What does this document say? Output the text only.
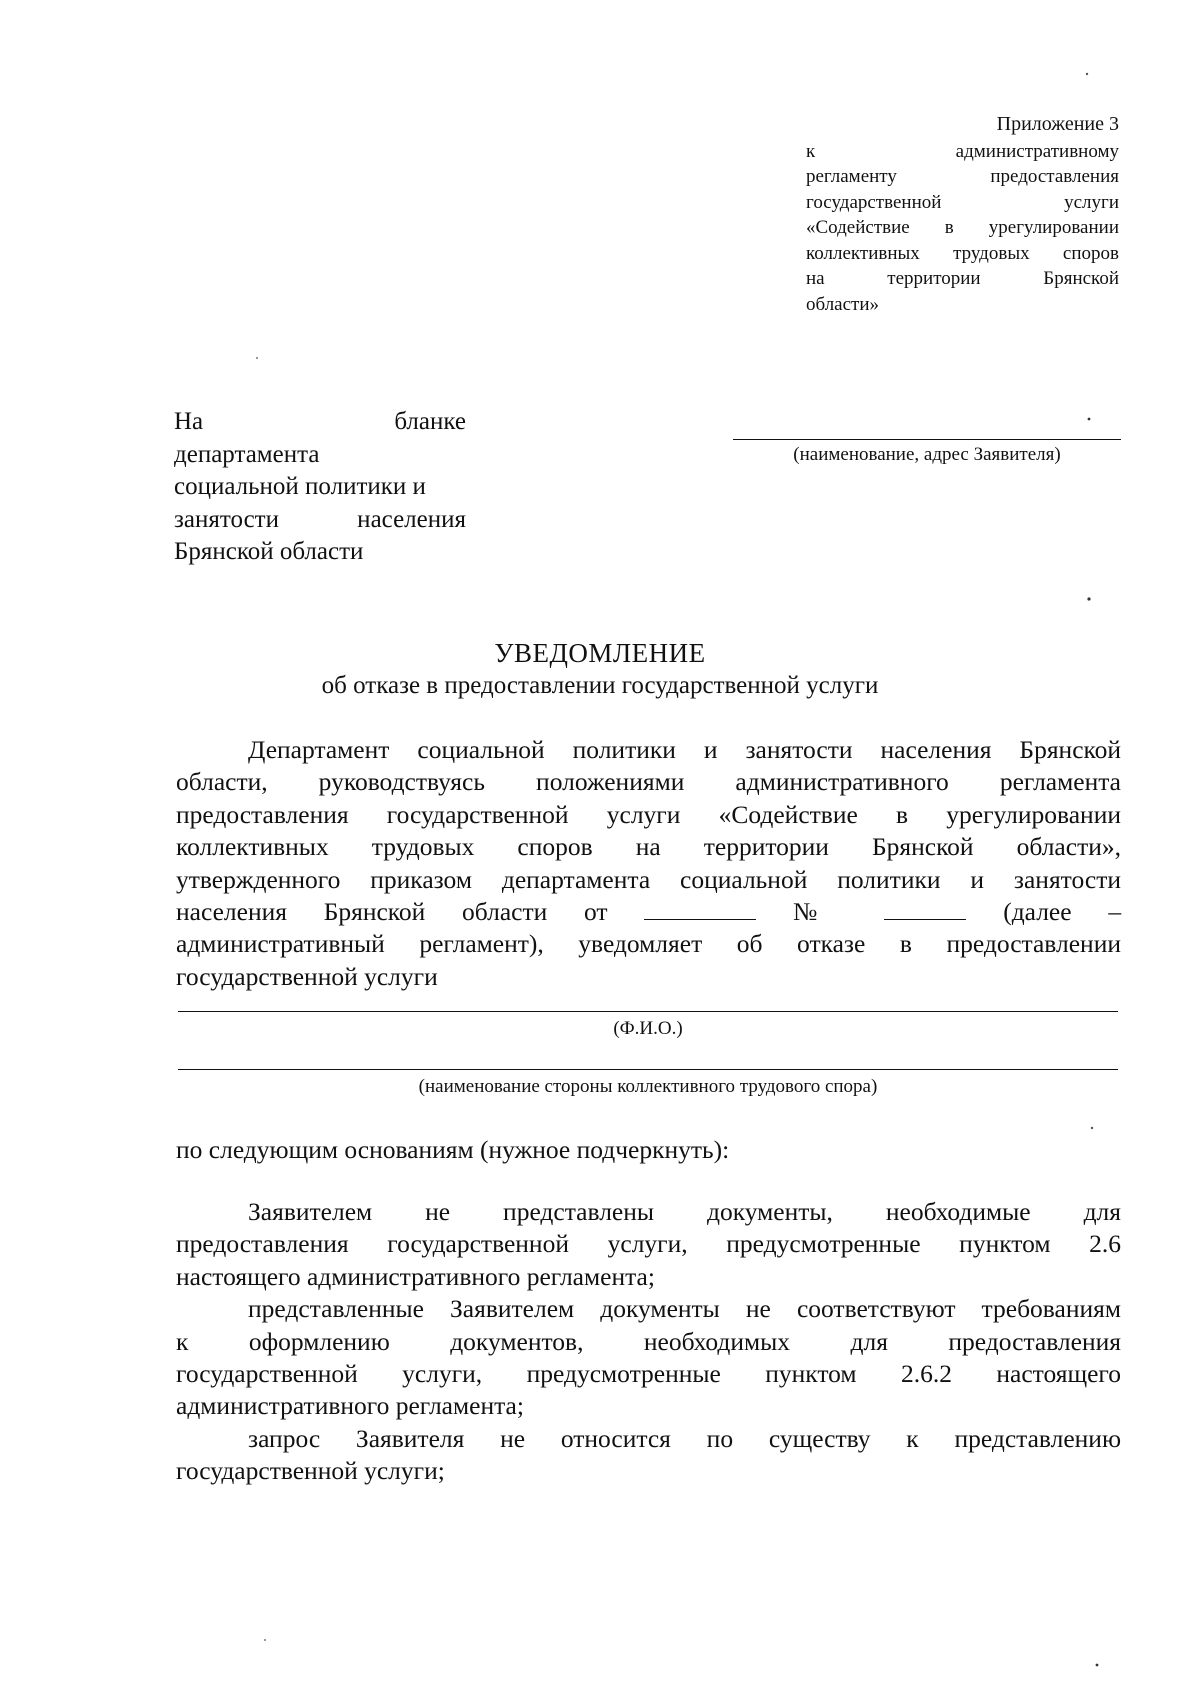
Приложение 3
к административному
регламенту предоставления
государственной услуги
«Содействие в урегулировании
коллективных трудовых споров
на территории Брянской
области»
На бланке
департамента
социальной политики и
занятости населения
Брянской области
(наименование, адрес Заявителя)
УВЕДОМЛЕНИЕ
об отказе в предоставлении государственной услуги
Департамент социальной политики и занятости населения Брянской
области, руководствуясь положениями административного регламента
предоставления государственной услуги «Содействие в урегулировании
коллективных трудовых споров на территории Брянской области»,
утвержденного приказом департамента социальной политики и занятости
населения Брянской области от	№	(далее –
административный регламент), уведомляет об отказе в предоставлении
государственной услуги
(Ф.И.О.)
(наименование стороны коллективного трудового спора)
по следующим основаниям (нужное подчеркнуть):
Заявителем не представлены документы, необходимые для
предоставления государственной услуги, предусмотренные пунктом 2.6
настоящего административного регламента;
представленные Заявителем документы не соответствуют требованиям
к оформлению документов, необходимых для предоставления
государственной услуги, предусмотренные пунктом 2.6.2 настоящего
административного регламента;
запрос Заявителя не относится по существу к представлению
государственной услуги;
